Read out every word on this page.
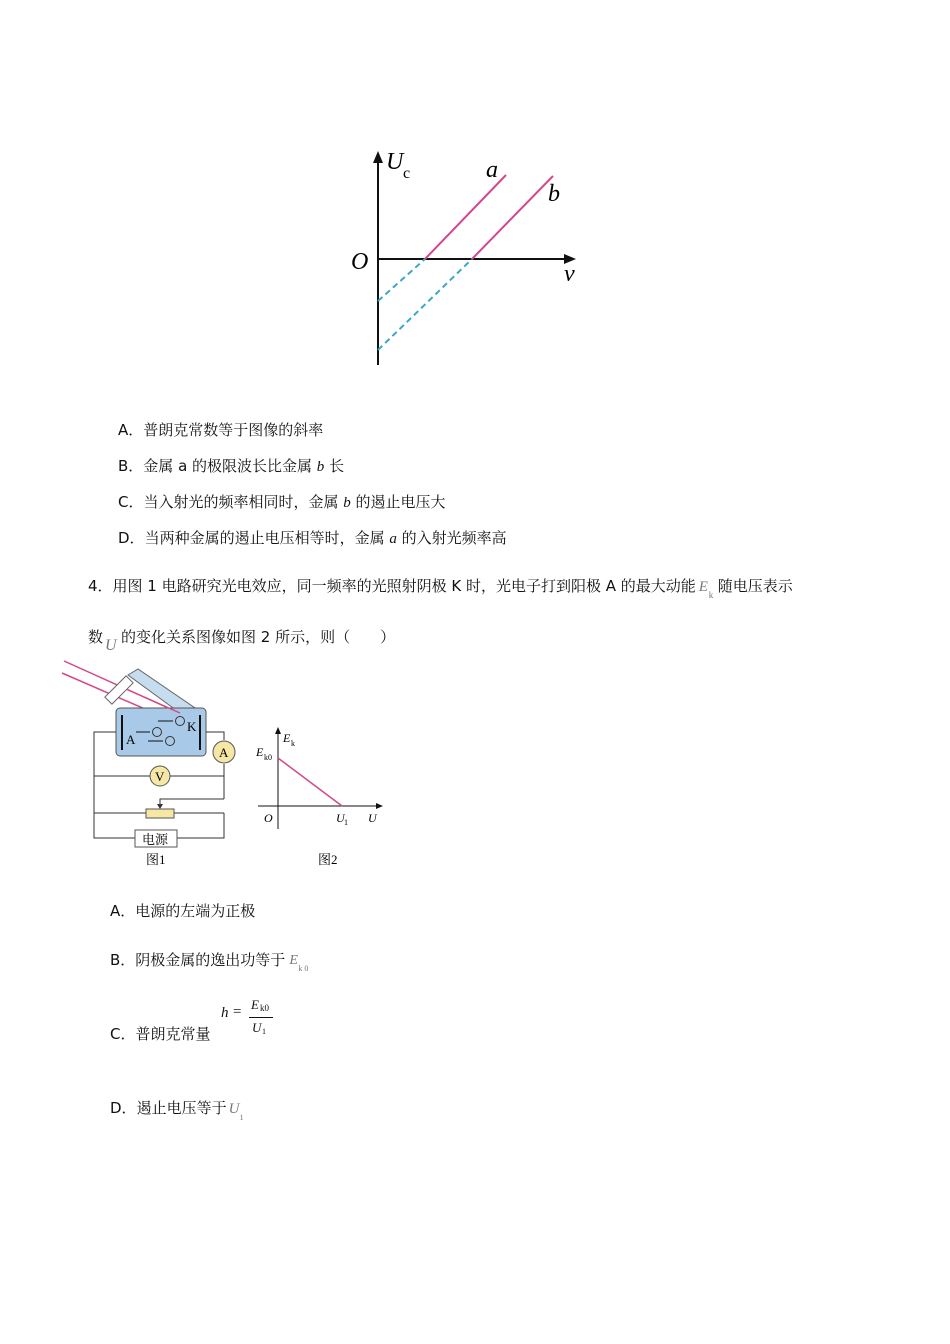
U c
O	v
a
b
A．普朗克常数等于图像的斜率
B．金属 a 的极限波长比金属 b 长
C．当入射光的频率相同时，金属 b 的遏止电压大
D．当两种金属的遏止电压相等时，金属 a 的入射光频率高
4．用图 1 电路研究光电效应，同一频率的光照射阴极 K 时，光电子打到阳极 A 的最大动能 E k 随电压表示
数 U 的变化关系图像如图 2 所示，则（　　）
A
K
A
V
电源
图1
E k
E k0
O	U 1 U
图2
A．电源的左端为正极
B．阴极金属的逸出功等于 E
k 0
C．普朗克常量
h = E k0
U 1
D．遏止电压等于 U
1
